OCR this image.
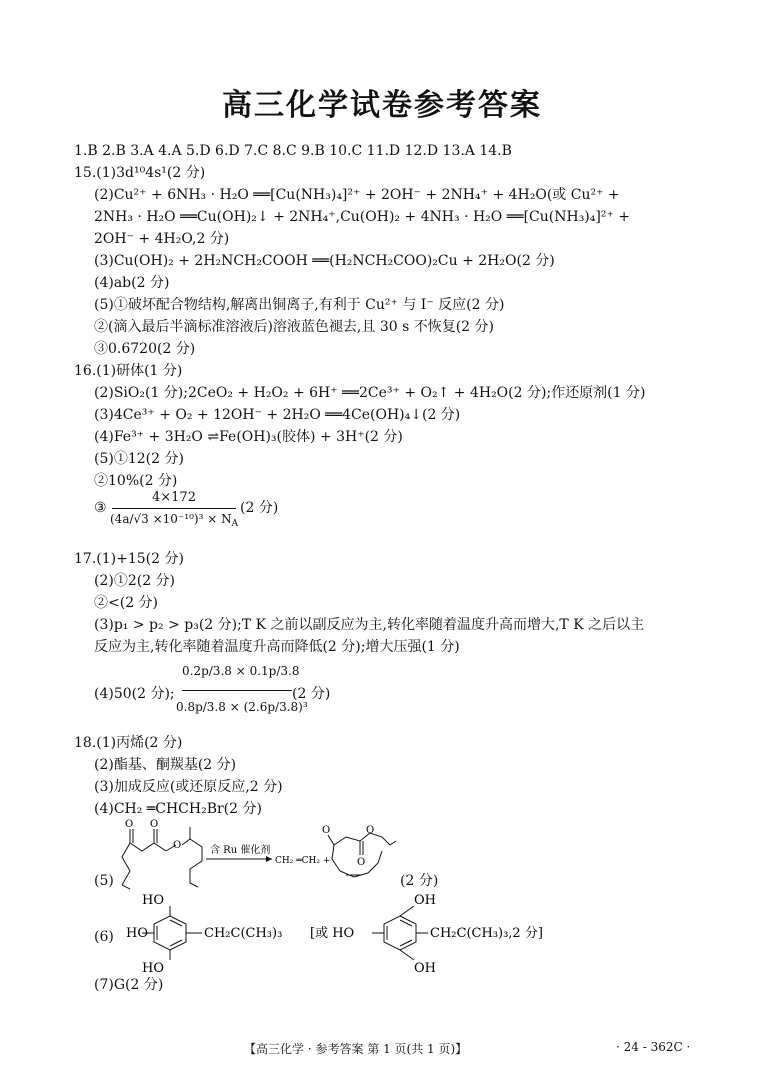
高三化学试卷参考答案
1.B 2.B 3.A 4.A 5.D 6.D 7.C 8.C 9.B 10.C 11.D 12.D 13.A 14.B
15.(1)3d¹⁰4s¹(2 分)
(2)Cu²⁺ + 6NH₃ · H₂O ══[Cu(NH₃)₄]²⁺ + 2OH⁻ + 2NH₄⁺ + 4H₂O(或 Cu²⁺ +
2NH₃ · H₂O ══Cu(OH)₂↓ + 2NH₄⁺,Cu(OH)₂ + 4NH₃ · H₂O ══[Cu(NH₃)₄]²⁺ +
2OH⁻ + 4H₂O,2 分)
(3)Cu(OH)₂ + 2H₂NCH₂COOH ══(H₂NCH₂COO)₂Cu + 2H₂O(2 分)
(4)ab(2 分)
(5)①破坏配合物结构,解离出铜离子,有利于 Cu²⁺ 与 I⁻ 反应(2 分)
②(滴入最后半滴标准溶液后)溶液蓝色褪去,且 30 s 不恢复(2 分)
③0.6720(2 分)
16.(1)研体(1 分)
(2)SiO₂(1 分);2CeO₂ + H₂O₂ + 6H⁺ ══2Ce³⁺ + O₂↑ + 4H₂O(2 分);作还原剂(1 分)
(3)4Ce³⁺ + O₂ + 12OH⁻ + 2H₂O ══4Ce(OH)₄↓(2 分)
(4)Fe³⁺ + 3H₂O ⇌Fe(OH)₃(胶体) + 3H⁺(2 分)
(5)①12(2 分)
②10%(2 分)
③
4×172
$(4a/√3 \times 10^{-10})^3 \times N_A$
(2 分)
17.(1)+15(2 分)
(2)①2(2 分)
②<(2 分)
(3)p₁ > p₂ > p₃(2 分);T K 之前以副反应为主,转化率随着温度升高而增大,T K 之后以主
反应为主,转化率随着温度升高而降低(2 分);增大压强(1 分)
(4)50(2 分);
0.2p/3.8 × 0.1p/3.8
0.8p/3.8 × (2.6p/3.8)³
(2 分)
18.(1)丙烯(2 分)
(2)酯基、酮羰基(2 分)
(3)加成反应(或还原反应,2 分)
(4)CH₂ ═CHCH₂Br(2 分)
(5)
O O
O	含 Ru 催化剂
CH₂ ═CH₂ +
O	O
O
(2 分)
(6)
HO
HO
HO
CH₂C(CH₃)₃ [或 HO
OH
OH
CH₂C(CH₃)₃,2 分]
(7)G(2 分)
【高三化学 · 参考答案 第 1 页(共 1 页)】	· 24 - 362C ·
